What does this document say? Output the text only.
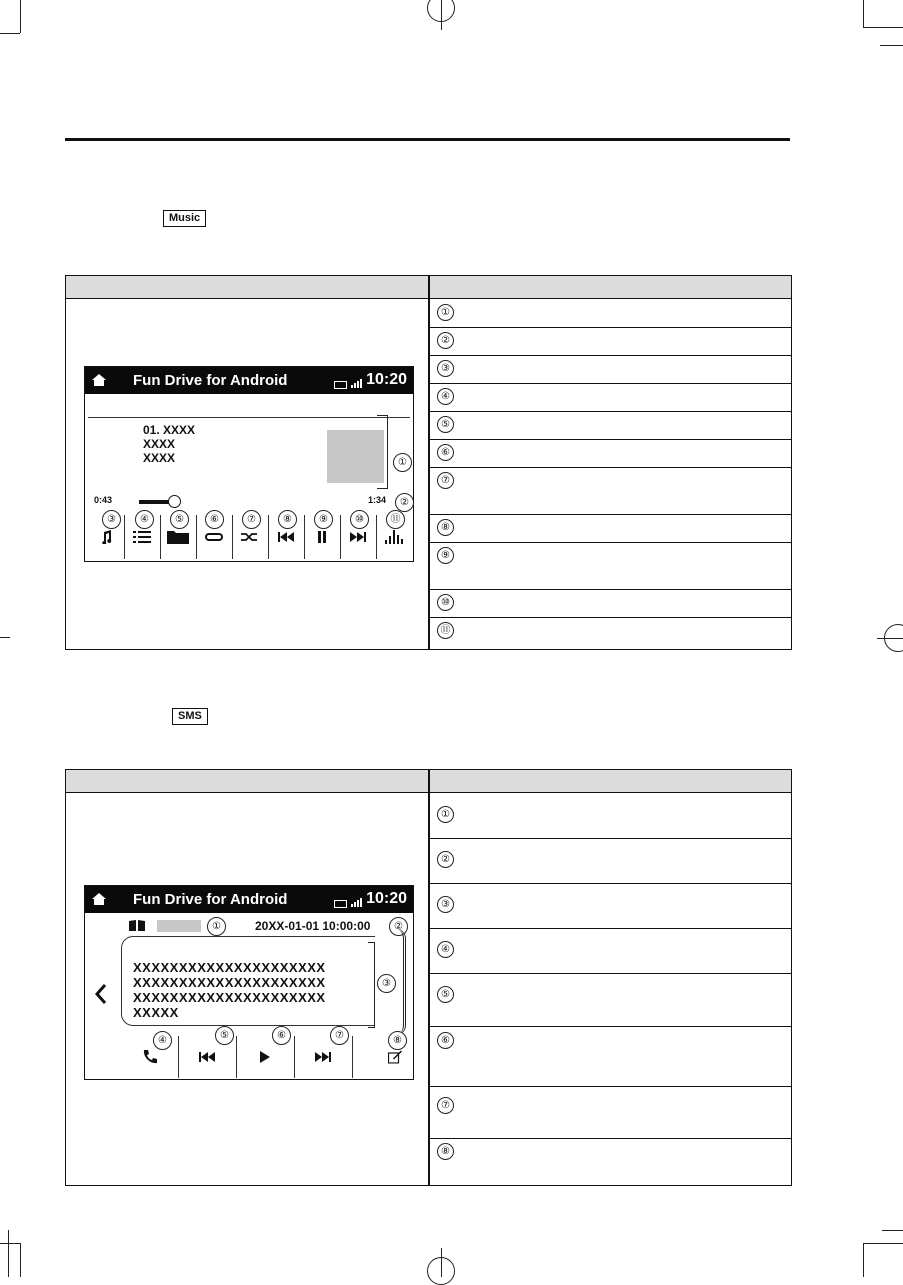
Music
①
②
③
④
⑤
⑥
⑦
⑧
⑨
⑩
⑪
Fun Drive for Android	10:20
01. XXXX
XXXX
XXXX	①
0:43	1:34	②
③	④	⑤	⑥	⑦	⑧	⑨	⑩	⑪
SMS
①
②
③
④
⑤
⑥
⑦
⑧
Fun Drive for Android	10:20
①	20XX-01-01 10:00:00	②
③
XXXXXXXXXXXXXXXXXXXXX
XXXXXXXXXXXXXXXXXXXXX
XXXXXXXXXXXXXXXXXXXXX
XXXXX
④	⑤	⑥	⑦	⑧
